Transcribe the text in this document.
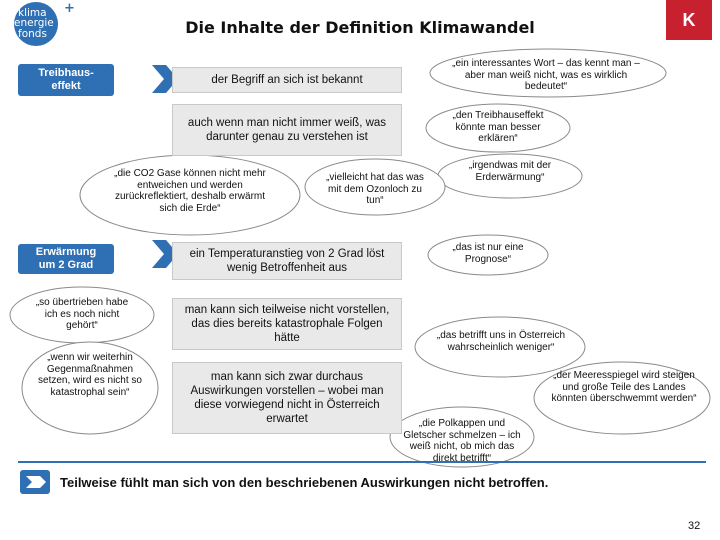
klima
energie
fonds
+
Die Inhalte der Definition Klimawandel	K
Treibhaus-
effekt
Erwärmung
um 2 Grad
der Begriff an sich ist bekannt
auch wenn man nicht immer weiß, was darunter genau zu verstehen ist
ein Temperaturanstieg von 2 Grad löst wenig Betroffenheit aus
man kann sich teilweise nicht vorstellen, das dies bereits katastrophale Folgen hätte
man kann sich zwar durchaus Auswirkungen vorstellen – wobei man diese vorwiegend nicht in Österreich erwartet
„ein interessantes Wort – das kennt man – aber man weiß nicht, was es wirklich bedeutet“
„den Treibhauseffekt könnte man besser erklären“
„irgendwas mit der Erderwärmung“
„die CO2 Gase können nicht mehr entweichen und werden zurückreflektiert, deshalb erwärmt sich die Erde“
„vielleicht hat das was mit dem Ozonloch zu tun“
„das ist nur eine Prognose“
„so übertrieben habe ich es noch nicht gehört“
„wenn wir weiterhin Gegenmaßnahmen setzen, wird es nicht so katastrophal sein“
„das betrifft uns in Österreich wahrscheinlich weniger“
„der Meeresspiegel wird steigen und große Teile des Landes könnten überschwemmt werden“
„die Polkappen und Gletscher schmelzen – ich weiß nicht, ob mich das direkt betrifft“
Teilweise fühlt man sich von den beschriebenen Auswirkungen nicht betroffen.
32
